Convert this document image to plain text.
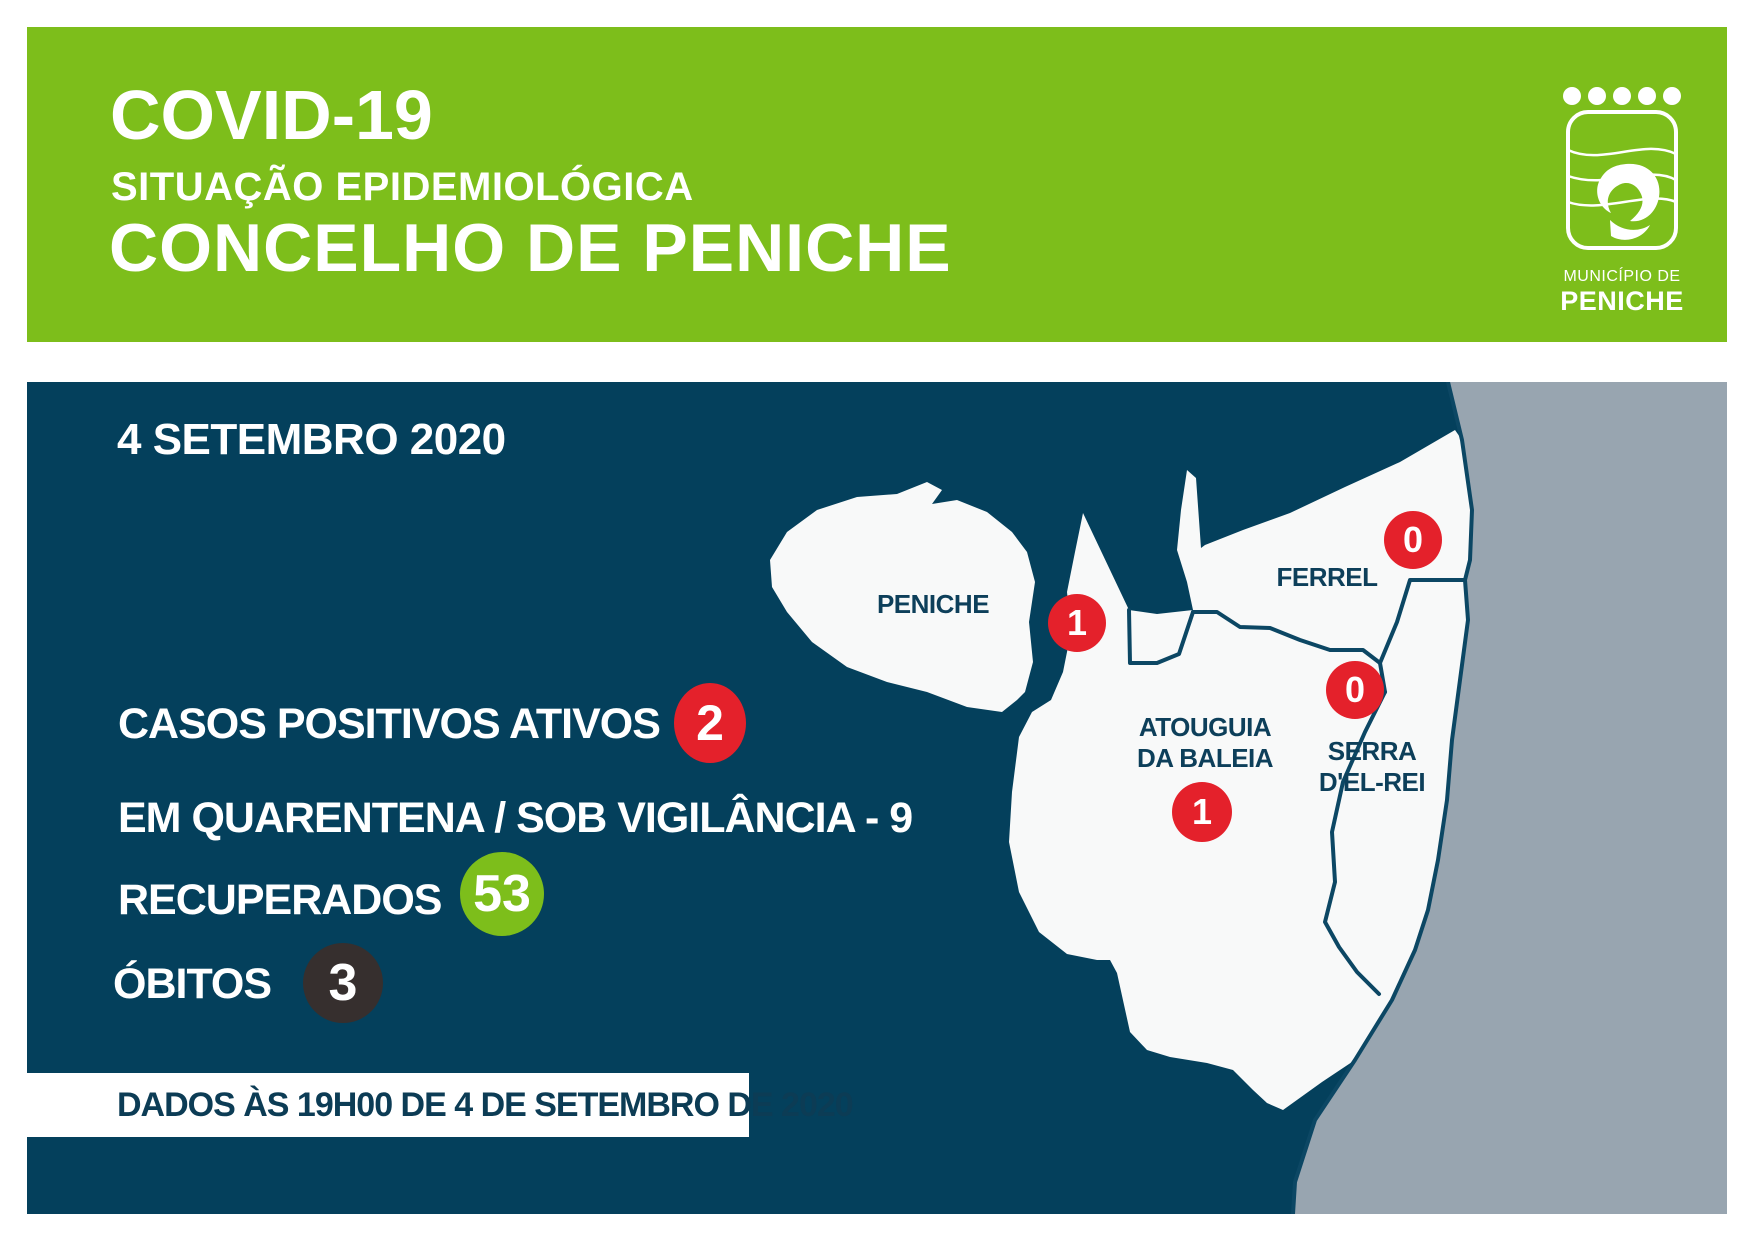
COVID-19
SITUAÇÃO EPIDEMIOLÓGICA
CONCELHO DE PENICHE	MUNICÍPIO DE
PENICHE
4 SETEMBRO 2020
CASOS POSITIVOS ATIVOS 2
EM QUARENTENA / SOB VIGILÂNCIA - 9
RECUPERADOS 53
ÓBITOS	3
PENICHE
FERREL
ATOUGUIA
DA BALEIA	SERRA
D'EL-REI
1
0
1
0
DADOS ÀS 19H00 DE 4 DE SETEMBRO DE 2020
